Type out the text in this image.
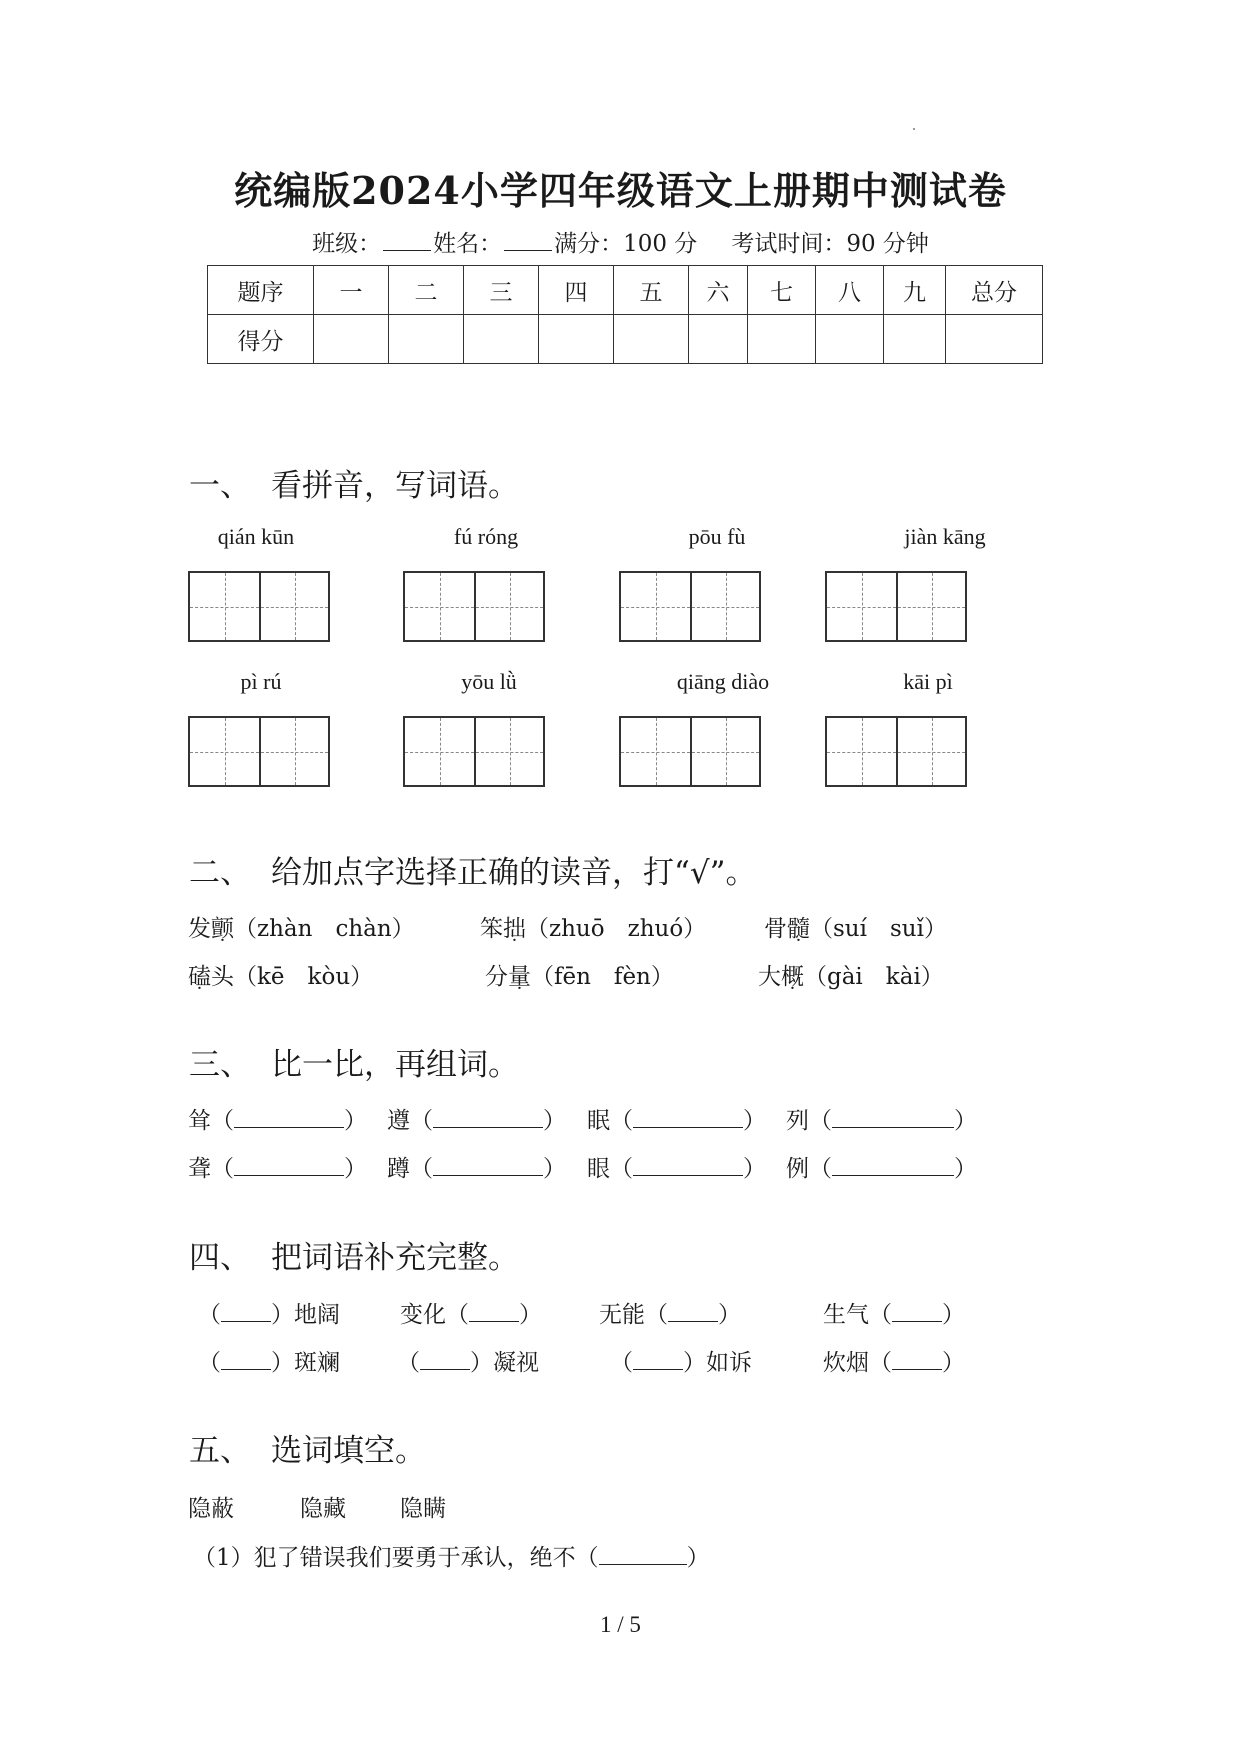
统编版2024小学四年级语文上册期中测试卷
班级： 姓名： 满分：100 分 考试时间：90 分钟
题序	一	二	三	四	五	六	七	八	九	总分
得分										
一、 看拼音，写词语。
qián kūn	fú róng	pōu fù	jiàn kāng
pì rú	yōu lǜ	qiāng diào	kāi pì
二、 给加点字选择正确的读音，打“√”。
发颤（zhàn　chàn）	笨拙（zhuō　zhuó）	骨髓（suí　suǐ）
磕头（kē　kòu）	分量（fēn　fèn）	大概（gài　kài）
三、 比一比，再组词。
耸（	） 遵（	） 眠（	） 列（	）
聋（	） 蹲（	） 眼（	） 例（	）
四、 把词语补充完整。
（ ）地阔	变化（ ） 无能（ ）	生气（ ）
（ ）斑斓 （ ）凝视	（ ）如诉	炊烟（ ）
五、 选词填空。
隐蔽	隐藏 隐瞒
（1）犯了错误我们要勇于承认，绝不（	）
1 / 5
